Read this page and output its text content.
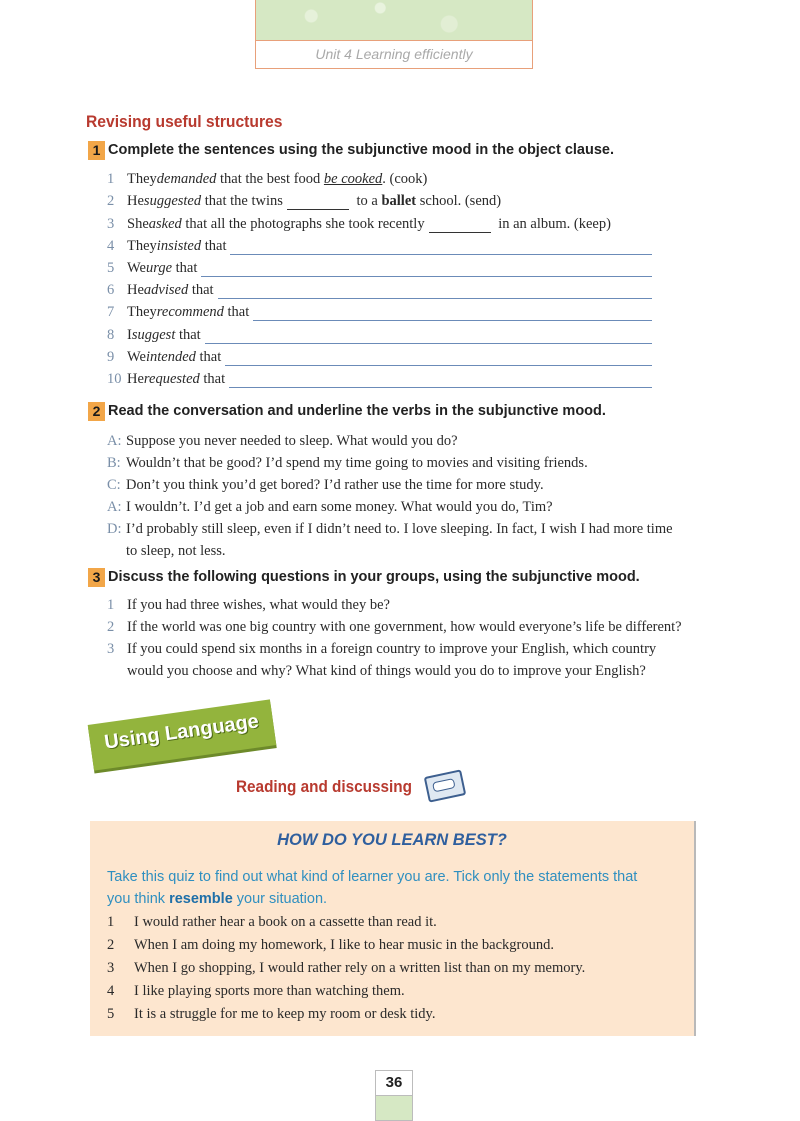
Unit 4 Learning efficiently
Revising useful structures
1 Complete the sentences using the subjunctive mood in the object clause.
1 They demanded that the best food be cooked . (cook)
2 He suggested that the twins	to a ballet school. (send)
3 She asked that all the photographs she took recently	in an album. (keep)
4 They insisted that
5 We urge that
6 He advised that
7 They recommend that
8 I suggest that
9 We intended that
10 He requested that
2 Read the conversation and underline the verbs in the subjunctive mood.
A: Suppose you never needed to sleep. What would you do?
B: Wouldn’t that be good? I’d spend my time going to movies and visiting friends.
C: Don’t you think you’d get bored? I’d rather use the time for more study.
A: I wouldn’t. I’d get a job and earn some money. What would you do, Tim?
D: I’d probably still sleep, even if I didn’t need to. I love sleeping. In fact, I wish I had more time
to sleep, not less.
3 Discuss the following questions in your groups, using the subjunctive mood.
1 If you had three wishes, what would they be?
2 If the world was one big country with one government, how would everyone’s life be different?
3 If you could spend six months in a foreign country to improve your English, which country
would you choose and why? What kind of things would you do to improve your English?
Using Language
Reading and discussing
HOW DO YOU LEARN BEST?
Take this quiz to find out what kind of learner you are. Tick only the statements that
you think resemble your situation.
1	I would rather hear a book on a cassette than read it.
2	When I am doing my homework, I like to hear music in the background.
3	When I go shopping, I would rather rely on a written list than on my memory.
4	I like playing sports more than watching them.
5	It is a struggle for me to keep my room or desk tidy.
36
